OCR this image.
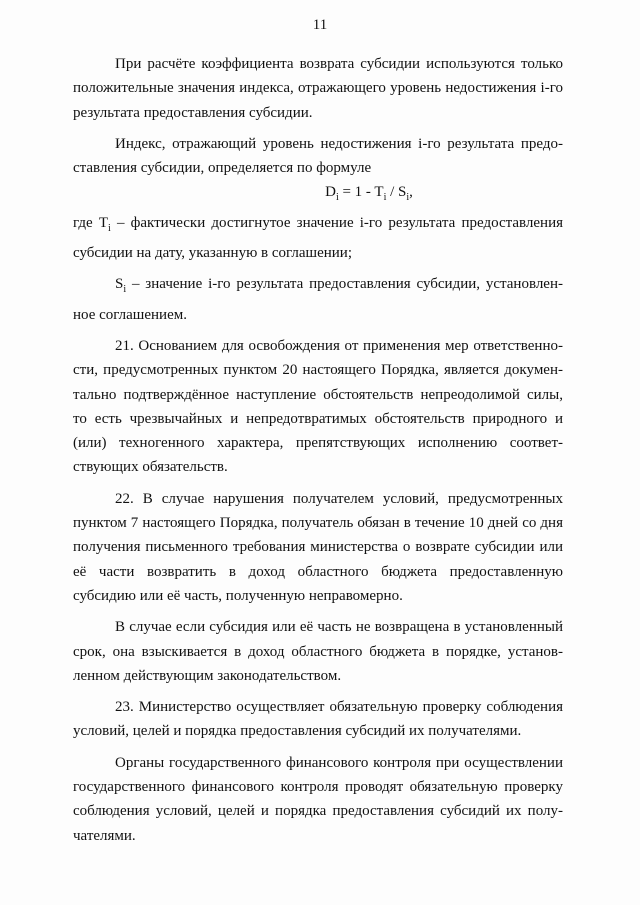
11

При расчёте коэффициента возврата субсидии используются только положительные значения индекса, отражающего уровень недостижения i-го результата предоставления субсидии.

Индекс, отражающий уровень недостижения i-го результата предоставления субсидии, определяется по формуле

$D_i = 1 - T_i / S_i$,

где $T_i$ – фактически достигнутое значение i-го результата предоставления субсидии на дату, указанную в соглашении;

$S_i$ – значение i-го результата предоставления субсидии, установленное соглашением.

21. Основанием для освобождения от применения мер ответственности, предусмотренных пунктом 20 настоящего Порядка, является документально подтверждённое наступление обстоятельств непреодолимой силы, то есть чрезвычайных и непредотвратимых обстоятельств природного и (или) техногенного характера, препятствующих исполнению соответствующих обязательств.

22. В случае нарушения получателем условий, предусмотренных пунктом 7 настоящего Порядка, получатель обязан в течение 10 дней со дня получения письменного требования министерства о возврате субсидии или её части возвратить в доход областного бюджета предоставленную субсидию или её часть, полученную неправомерно.

В случае если субсидия или её часть не возвращена в установленный срок, она взыскивается в доход областного бюджета в порядке, установленном действующим законодательством.

23. Министерство осуществляет обязательную проверку соблюдения условий, целей и порядка предоставления субсидий их получателями.

Органы государственного финансового контроля при осуществлении государственного финансового контроля проводят обязательную проверку соблюдения условий, целей и порядка предоставления субсидий их получателями.
